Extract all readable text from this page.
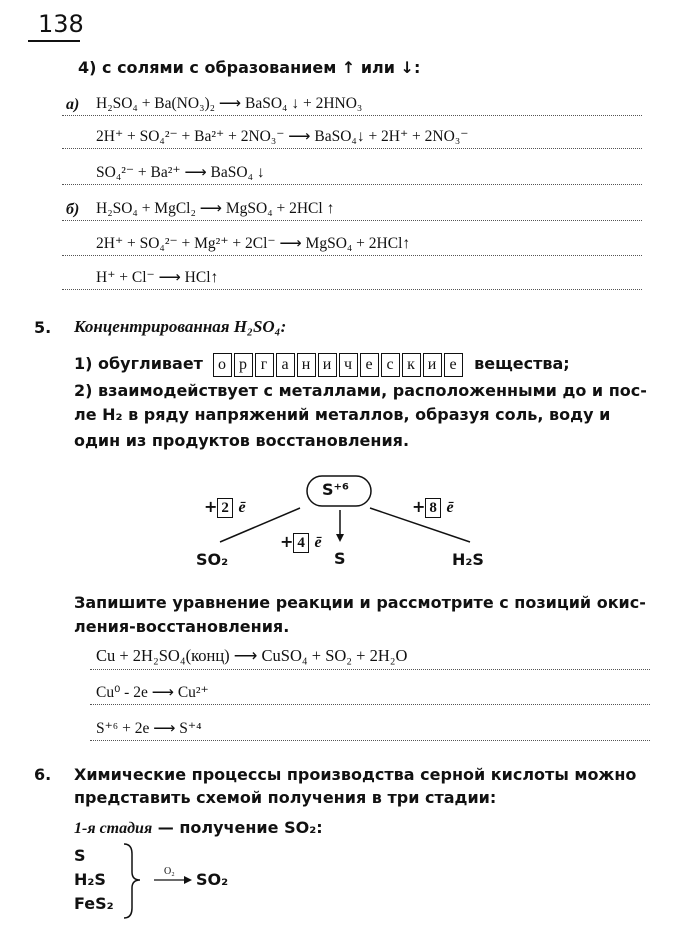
138
4) с солями с образованием ↑ или ↓:
а) H₂SO₄ + Ba(NO₃)₂ ⟶ BaSO₄ ↓ + 2HNO₃
2H⁺ + SO₄²⁻ + Ba²⁺ + 2NO₃⁻ ⟶ BaSO₄↓ + 2H⁺ + 2NO₃⁻
SO₄²⁻ + Ba²⁺ ⟶ BaSO₄ ↓
б) H₂SO₄ + MgCl₂ ⟶ MgSO₄ + 2HCl ↑
2H⁺ + SO₄²⁻ + Mg²⁺ + 2Cl⁻ ⟶ MgSO₄ + 2HCl↑
H⁺ + Cl⁻ ⟶ HCl↑
5. Концентрированная H₂SO₄:
1) обугливает о р г а н и ч е с к и е вещества;
2) взаимодействует с металлами, расположенными до и пос-
ле H₂ в ряду напряжений металлов, образуя соль, воду и
один из продуктов восстановления.
S⁺⁶
+ 2 ē
+ 4 ē
+ 8 ē
SO₂	S	H₂S
Запишите уравнение реакции и рассмотрите с позиций окис-
ления-восстановления.
Cu + 2H₂SO₄(конц) ⟶ CuSO₄ + SO₂ + 2H₂O
Cu⁰ - 2e ⟶ Cu²⁺
S⁺⁶ + 2e ⟶ S⁺⁴
6. Химические процессы производства серной кислоты можно
представить схемой получения в три стадии:
1-я стадия — получение SO₂:
S
H₂S
FeS₂
O₂ SO₂
